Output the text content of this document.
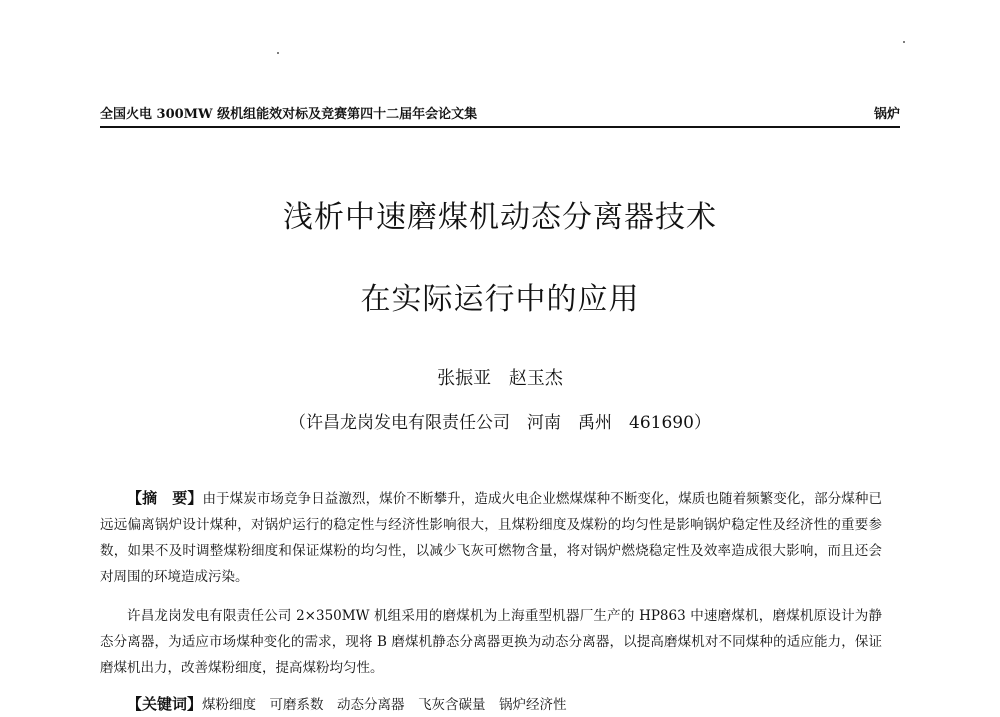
全国火电 300MW 级机组能效对标及竞赛第四十二届年会论文集	锅炉
浅析中速磨煤机动态分离器技术
在实际运行中的应用
张振亚 赵玉杰
（许昌龙岗发电有限责任公司　河南　禹州　461690）

【摘　要】由于煤炭市场竞争日益激烈，煤价不断攀升，造成火电企业燃煤煤种不断变化，煤质也随着频繁变化，部分煤种已远远偏离锅炉设计煤种，对锅炉运行的稳定性与经济性影响很大，且煤粉细度及煤粉的均匀性是影响锅炉稳定性及经济性的重要参数，如果不及时调整煤粉细度和保证煤粉的均匀性，以减少飞灰可燃物含量，将对锅炉燃烧稳定性及效率造成很大影响，而且还会对周围的环境造成污染。

许昌龙岗发电有限责任公司 2×350MW 机组采用的磨煤机为上海重型机器厂生产的 HP863 中速磨煤机，磨煤机原设计为静态分离器，为适应市场煤种变化的需求，现将 B 磨煤机静态分离器更换为动态分离器，以提高磨煤机对不同煤种的适应能力，保证磨煤机出力，改善煤粉细度，提高煤粉均匀性。

【关键词】煤粉细度　可磨系数　动态分离器　飞灰含碳量　锅炉经济性
